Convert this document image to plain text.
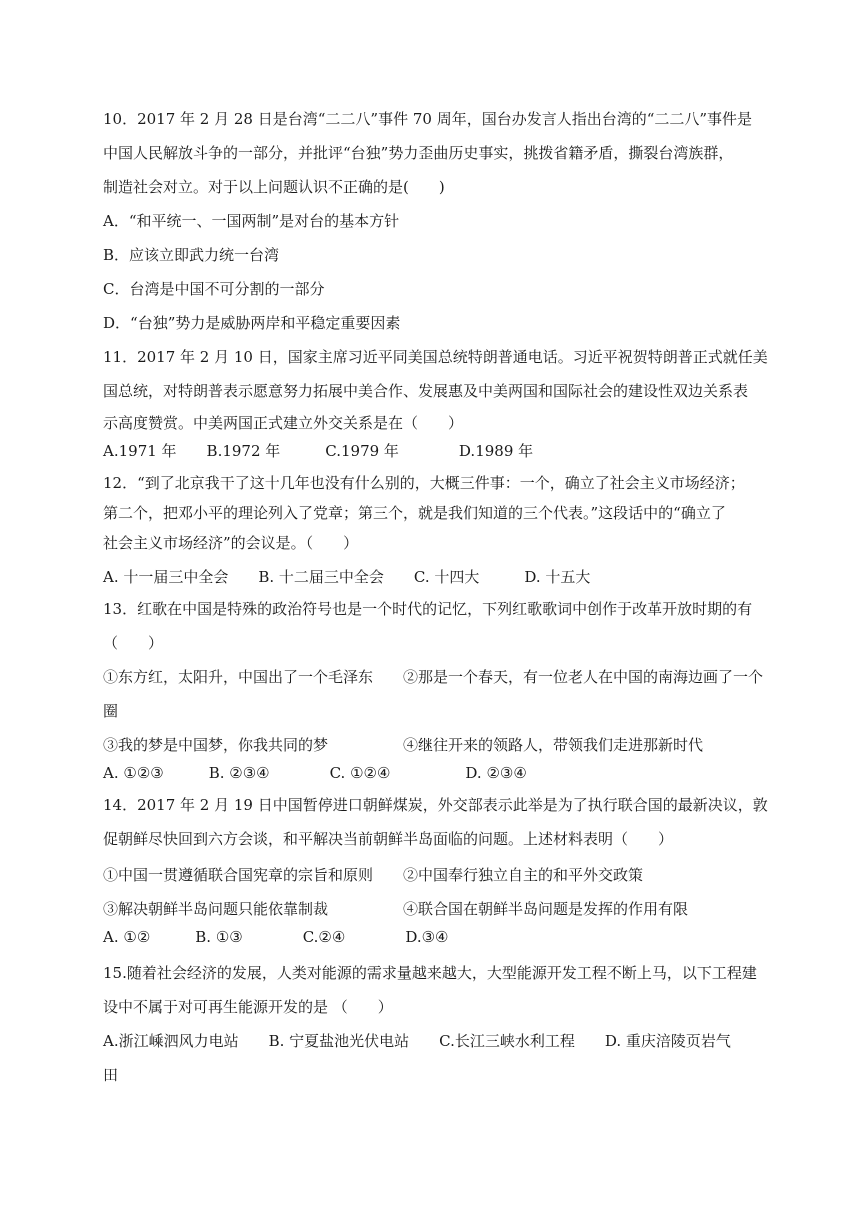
10．2017 年 2 月 28 日是台湾“二二八”事件 70 周年，国台办发言人指出台湾的“二二八”事件是
中国人民解放斗争的一部分，并批评“台独”势力歪曲历史事实，挑拨省籍矛盾，撕裂台湾族群，
制造社会对立。对于以上问题认识不正确的是(　　)
A．“和平统一、一国两制”是对台的基本方针
B．应该立即武力统一台湾
C．台湾是中国不可分割的一部分
D．“台独”势力是威胁两岸和平稳定重要因素
11．2017 年 2 月 10 日，国家主席习近平同美国总统特朗普通电话。习近平祝贺特朗普正式就任美
国总统，对特朗普表示愿意努力拓展中美合作、发展惠及中美两国和国际社会的建设性双边关系表
示高度赞赏。中美两国正式建立外交关系是在（　　）
A.1971 年　　B.1972 年　　　C.1979 年　　　　D.1989 年
12．“到了北京我干了这十几年也没有什么别的，大概三件事：一个，确立了社会主义市场经济；
第二个，把邓小平的理论列入了党章；第三个，就是我们知道的三个代表。”这段话中的“确立了
社会主义市场经济”的会议是。（　　）
A. 十一届三中全会　　B. 十二届三中全会　　C. 十四大　　　D. 十五大
13．红歌在中国是特殊的政治符号也是一个时代的记忆，下列红歌歌词中创作于改革开放时期的有
（　　）
①东方红，太阳升，中国出了一个毛泽东　　②那是一个春天，有一位老人在中国的南海边画了一个
圈
③我的梦是中国梦，你我共同的梦　　　　　④继往开来的领路人，带领我们走进那新时代
A. ①②③　　　B. ②③④　　　　C. ①②④　　　　　D. ②③④
14．2017 年 2 月 19 日中国暂停进口朝鲜煤炭，外交部表示此举是为了执行联合国的最新决议，敦
促朝鲜尽快回到六方会谈，和平解决当前朝鲜半岛面临的问题。上述材料表明（　　）
①中国一贯遵循联合国宪章的宗旨和原则　　②中国奉行独立自主的和平外交政策
③解决朝鲜半岛问题只能依靠制裁　　　　　④联合国在朝鲜半岛问题是发挥的作用有限
A. ①②　　　B. ①③　　　　C.②④　　　　D.③④
15.随着社会经济的发展，人类对能源的需求量越来越大，大型能源开发工程不断上马，以下工程建
设中不属于对可再生能源开发的是 （　　）
A.浙江嵊泗风力电站　　B. 宁夏盐池光伏电站　　C.长江三峡水利工程　　D. 重庆涪陵页岩气
田
